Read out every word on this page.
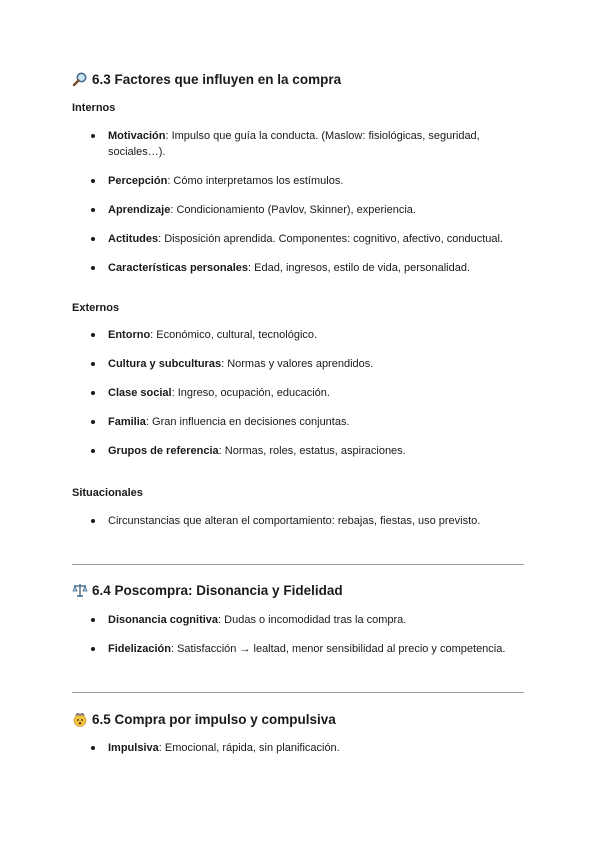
6.3 Factores que influyen en la compra
Internos
Motivación: Impulso que guía la conducta. (Maslow: fisiológicas, seguridad, sociales…).
Percepción: Cómo interpretamos los estímulos.
Aprendizaje: Condicionamiento (Pavlov, Skinner), experiencia.
Actitudes: Disposición aprendida. Componentes: cognitivo, afectivo, conductual.
Características personales: Edad, ingresos, estilo de vida, personalidad.
Externos
Entorno: Económico, cultural, tecnológico.
Cultura y subculturas: Normas y valores aprendidos.
Clase social: Ingreso, ocupación, educación.
Familia: Gran influencia en decisiones conjuntas.
Grupos de referencia: Normas, roles, estatus, aspiraciones.
Situacionales
Circunstancias que alteran el comportamiento: rebajas, fiestas, uso previsto.
6.4 Poscompra: Disonancia y Fidelidad
Disonancia cognitiva: Dudas o incomodidad tras la compra.
Fidelización: Satisfacción → lealtad, menor sensibilidad al precio y competencia.
6.5 Compra por impulso y compulsiva
Impulsiva: Emocional, rápida, sin planificación.
